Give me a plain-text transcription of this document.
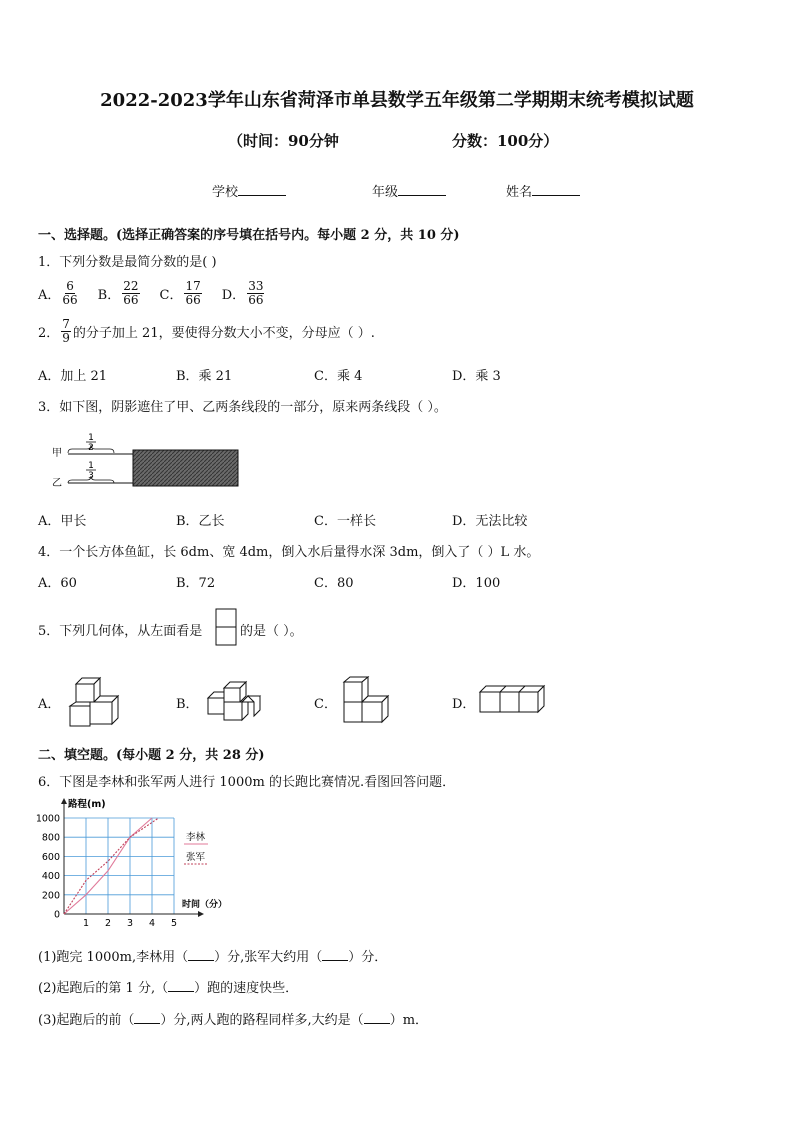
2022-2023学年山东省菏泽市单县数学五年级第二学期期末统考模拟试题
（时间：90分钟	分数：100分）
学校	年级	姓名
一、选择题。(选择正确答案的序号填在括号内。每小题 2 分，共 10 分)
1．下列分数是最简分数的是( )
A． $\frac{6}{66}$ B． $\frac{22}{66}$ C． $\frac{17}{66}$ D． $\frac{33}{66}$
2． $\frac{7}{9}$ 的分子加上 21，要使得分数大小不变，分母应（ ）.
A．加上 21	B．乘 21	C．乘 4	D．乘 3
3．如下图，阴影遮住了甲、乙两条线段的一部分，原来两条线段（ ）。
甲
乙
1
2
1
3
A．甲长	B．乙长	C．一样长	D．无法比较
4．一个长方体鱼缸，长 6dm、宽 4dm，倒入水后量得水深 3dm，倒入了（ ）L 水。
A．60	B．72	C．80	D．100
5．下列几何体，从左面看是	的是（ ）。
A．	B．	C．	D．
二、填空题。(每小题 2 分，共 28 分)
6．下图是李林和张军两人进行 1000m 的长跑比赛情况.看图回答问题．
路程(m)
时间（分）
1 2 3 4 5
0
200
400
600
800
1000
李林
张军
(1)跑完 1000m,李林用（ ）分,张军大约用（ ）分．
(2)起跑后的第 1 分,（ ）跑的速度快些．
(3)起跑后的前（ ）分,两人跑的路程同样多,大约是（ ）m．
